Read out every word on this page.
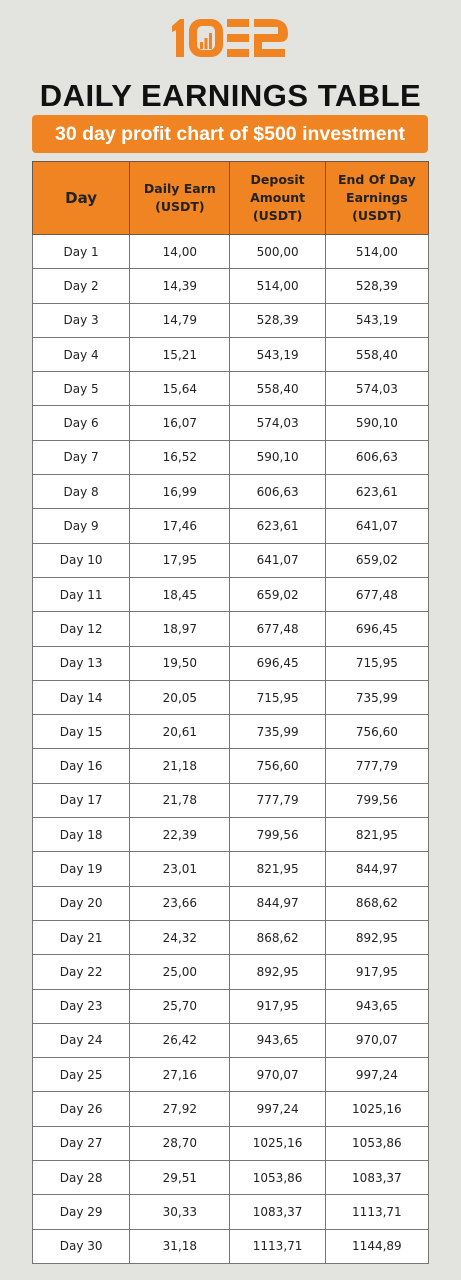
DAILY EARNINGS TABLE
30 day profit chart of $500 investment
Day	Daily Earn (USDT)	Deposit Amount (USDT)	End Of Day Earnings (USDT)
Day 1	14,00	500,00	514,00
Day 2	14,39	514,00	528,39
Day 3	14,79	528,39	543,19
Day 4	15,21	543,19	558,40
Day 5	15,64	558,40	574,03
Day 6	16,07	574,03	590,10
Day 7	16,52	590,10	606,63
Day 8	16,99	606,63	623,61
Day 9	17,46	623,61	641,07
Day 10	17,95	641,07	659,02
Day 11	18,45	659,02	677,48
Day 12	18,97	677,48	696,45
Day 13	19,50	696,45	715,95
Day 14	20,05	715,95	735,99
Day 15	20,61	735,99	756,60
Day 16	21,18	756,60	777,79
Day 17	21,78	777,79	799,56
Day 18	22,39	799,56	821,95
Day 19	23,01	821,95	844,97
Day 20	23,66	844,97	868,62
Day 21	24,32	868,62	892,95
Day 22	25,00	892,95	917,95
Day 23	25,70	917,95	943,65
Day 24	26,42	943,65	970,07
Day 25	27,16	970,07	997,24
Day 26	27,92	997,24	1025,16
Day 27	28,70	1025,16	1053,86
Day 28	29,51	1053,86	1083,37
Day 29	30,33	1083,37	1113,71
Day 30	31,18	1113,71	1144,89
